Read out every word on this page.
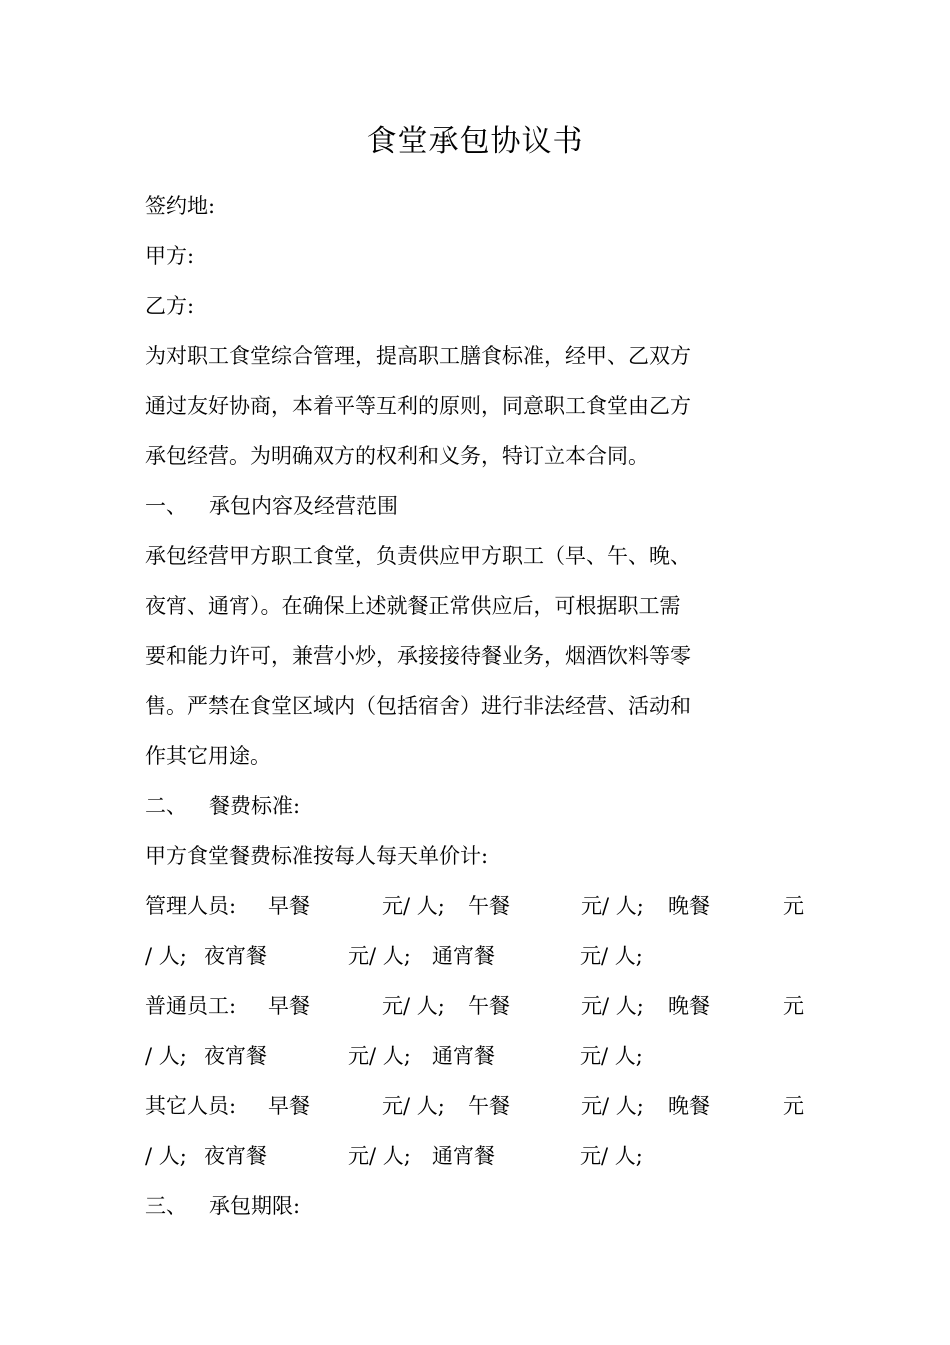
食堂承包协议书

签约地:

甲方:

乙方:

为对职工食堂综合管理，提高职工膳食标准，经甲、乙双方

通过友好协商，本着平等互利的原则，同意职工食堂由乙方

承包经营。为明确双方的权利和义务，特订立本合同。

一、 承包内容及经营范围

承包经营甲方职工食堂，负责供应甲方职工（早、午、晚、

夜宵、通宵）。在确保上述就餐正常供应后，可根据职工需

要和能力许可，兼营小炒，承接接待餐业务，烟酒饮料等零

售。严禁在食堂区域内（包括宿舍）进行非法经营、活动和

作其它用途。

二、 餐费标准:

甲方食堂餐费标准按每人每天单价计:

管理人员: 早餐	元/ 人; 午餐	元/ 人; 晚餐	元
/ 人; 夜宵餐	元/ 人; 通宵餐	元/ 人;
普通员工: 早餐	元/ 人; 午餐	元/ 人; 晚餐	元
/ 人; 夜宵餐	元/ 人; 通宵餐	元/ 人;
其它人员: 早餐	元/ 人; 午餐	元/ 人; 晚餐	元
/ 人; 夜宵餐	元/ 人; 通宵餐	元/ 人;

三、 承包期限:
